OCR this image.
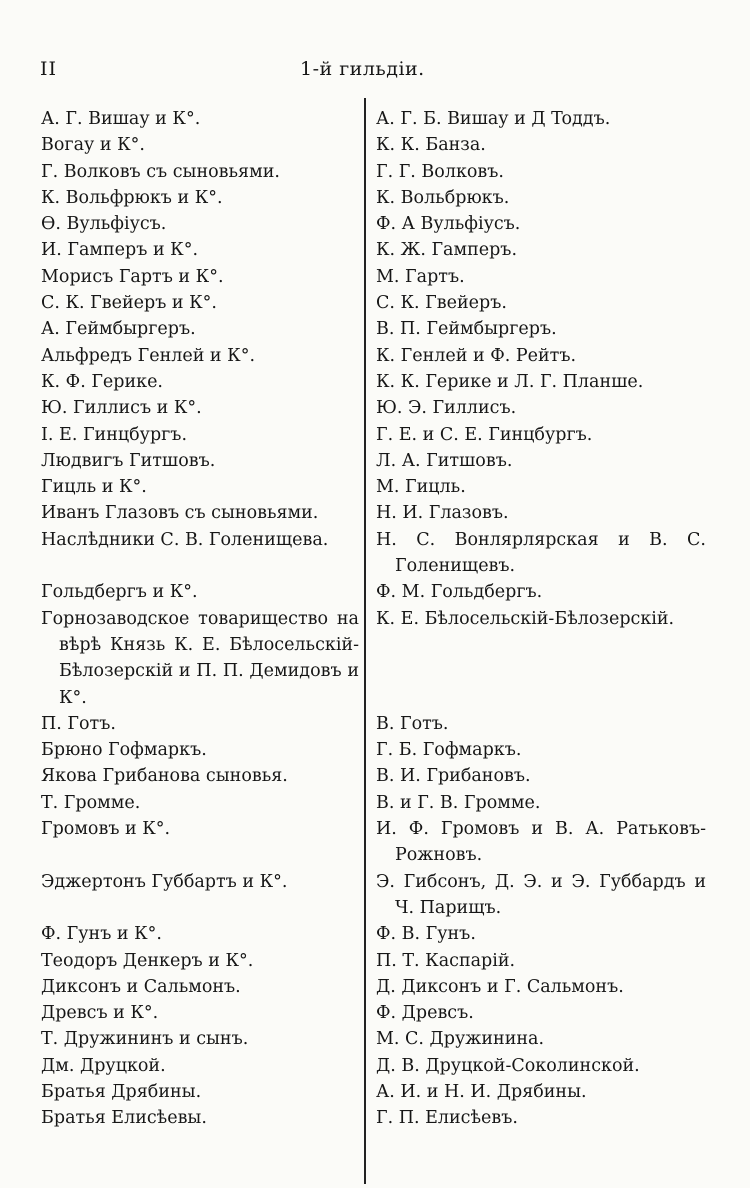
II	1-й гильдіи.
А. Г. Вишау и К°.
Вогау и К°.
Г. Волковъ съ сыновьями.
К. Вольфрюкъ и К°.
Ѳ. Вульфіусъ.
И. Гамперъ и К°.
Морисъ Гартъ и К°.
С. К. Гвейеръ и К°.
А. Геймбыргеръ.
Альфредъ Генлей и К°.
К. Ф. Герике.
Ю. Гиллисъ и К°.
І. Е. Гинцбургъ.
Людвигъ Гитшовъ.
Гицль и К°.
Иванъ Глазовъ съ сыновьями.
Наслѣдники С. В. Голенищева.
Гольдбергъ и К°.
Горнозаводское товарищество на вѣрѣ Князь К. Е. Бѣлосельскій-Бѣлозерскій и П. П. Демидовъ и К°.
П. Готъ.
Брюно Гофмаркъ.
Якова Грибанова сыновья.
Т. Громме.
Громовъ и К°.
Эджертонъ Губбартъ и К°.
Ф. Гунъ и К°.
Теодоръ Денкеръ и К°.
Диксонъ и Сальмонъ.
Древсъ и К°.
Т. Дружининъ и сынъ.
Дм. Друцкой.
Братья Дрябины.
Братья Елисѣевы.
А. Г. Б. Вишау и Д Toддъ.
К. К. Банза.
Г. Г. Волковъ.
К. Вольбрюкъ.
Ф. А Вульфіусъ.
К. Ж. Гамперъ.
М. Гартъ.
С. К. Гвейеръ.
В. П. Геймбыргеръ.
К. Генлей и Ф. Рейтъ.
К. К. Герике и Л. Г. Планше.
Ю. Э. Гиллисъ.
Г. Е. и С. Е. Гинцбургъ.
Л. А. Гитшовъ.
М. Гицль.
Н. И. Глазовъ.
Н. С. Вонлярлярская и В. С. Голенищевъ.
Ф. М. Гольдбергъ.
К. Е. Бѣлосельскій-Бѣлозерскій.
В. Готъ.
Г. Б. Гофмаркъ.
В. И. Грибановъ.
В. и Г. В. Громме.
И. Ф. Громовъ и В. А. Ратьковъ-Рожновъ.
Э. Гибсонъ, Д. Э. и Э. Губбардъ и Ч. Парищъ.
Ф. В. Гунъ.
П. Т. Каспарій.
Д. Диксонъ и Г. Сальмонъ.
Ф. Древсъ.
М. С. Дружинина.
Д. В. Друцкой-Соколинской.
А. И. и Н. И. Дрябины.
Г. П. Елисѣевъ.
